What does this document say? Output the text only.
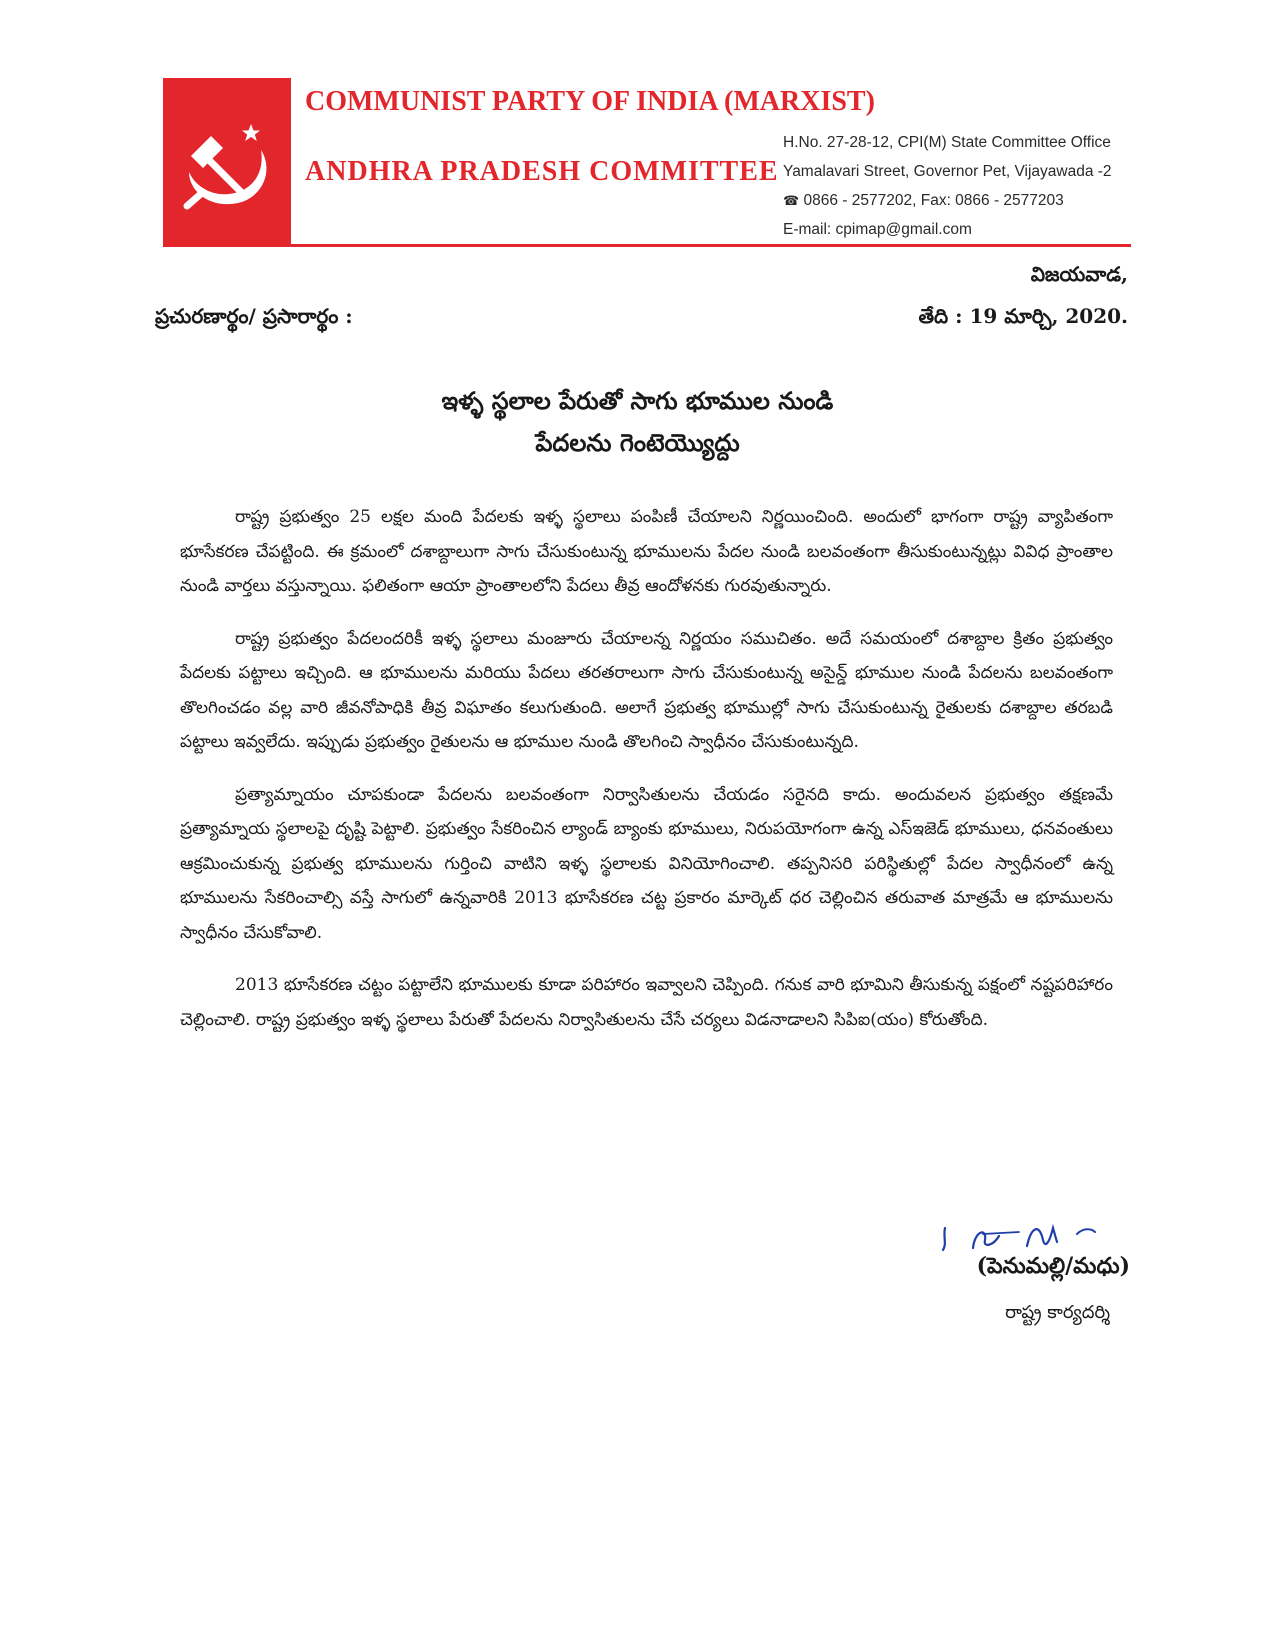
COMMUNIST PARTY OF INDIA (MARXIST)
ANDHRA PRADESH COMMITTEE
H.No. 27-28-12, CPI(M) State Committee Office
Yamalavari Street, Governor Pet, Vijayawada -2
☎ 0866 - 2577202, Fax: 0866 - 2577203
E-mail: cpimap@gmail.com
విజయవాడ,
ప్రచురణార్థం/ ప్రసారార్థం :	తేది : 19 మార్చి, 2020.
ఇళ్ళ స్థలాల పేరుతో సాగు భూముల నుండి
పేదలను గెంటెయ్యొద్దు

రాష్ట్ర ప్రభుత్వం 25 లక్షల మంది పేదలకు ఇళ్ళ స్థలాలు పంపిణీ చేయాలని నిర్ణయించింది. అందులో భాగంగా రాష్ట్ర వ్యాపితంగా భూసేకరణ చేపట్టింది. ఈ క్రమంలో దశాబ్దాలుగా సాగు చేసుకుంటున్న భూములను పేదల నుండి బలవంతంగా తీసుకుంటున్నట్లు వివిధ ప్రాంతాల నుండి వార్తలు వస్తున్నాయి. ఫలితంగా ఆయా ప్రాంతాలలోని పేదలు తీవ్ర ఆందోళనకు గురవుతున్నారు.

రాష్ట్ర ప్రభుత్వం పేదలందరికీ ఇళ్ళ స్థలాలు మంజూరు చేయాలన్న నిర్ణయం సముచితం. అదే సమయంలో దశాబ్దాల క్రితం ప్రభుత్వం పేదలకు పట్టాలు ఇచ్చింది. ఆ భూములను మరియు పేదలు తరతరాలుగా సాగు చేసుకుంటున్న అసైన్డ్ భూముల నుండి పేదలను బలవంతంగా తొలగించడం వల్ల వారి జీవనోపాధికి తీవ్ర విఘాతం కలుగుతుంది. అలాగే ప్రభుత్వ భూముల్లో సాగు చేసుకుంటున్న రైతులకు దశాబ్దాల తరబడి పట్టాలు ఇవ్వలేదు. ఇప్పుడు ప్రభుత్వం రైతులను ఆ భూముల నుండి తొలగించి స్వాధీనం చేసుకుంటున్నది.

ప్రత్యామ్నాయం చూపకుండా పేదలను బలవంతంగా నిర్వాసితులను చేయడం సరైనది కాదు. అందువలన ప్రభుత్వం తక్షణమే ప్రత్యామ్నాయ స్థలాలపై దృష్టి పెట్టాలి. ప్రభుత్వం సేకరించిన ల్యాండ్ బ్యాంకు భూములు, నిరుపయోగంగా ఉన్న ఎస్ఇజెడ్ భూములు, ధనవంతులు ఆక్రమించుకున్న ప్రభుత్వ భూములను గుర్తించి వాటిని ఇళ్ళ స్థలాలకు వినియోగించాలి. తప్పనిసరి పరిస్థితుల్లో పేదల స్వాధీనంలో ఉన్న భూములను సేకరించాల్సి వస్తే సాగులో ఉన్నవారికి 2013 భూసేకరణ చట్ట ప్రకారం మార్కెట్ ధర చెల్లించిన తరువాత మాత్రమే ఆ భూములను స్వాధీనం చేసుకోవాలి.

2013 భూసేకరణ చట్టం పట్టాలేని భూములకు కూడా పరిహారం ఇవ్వాలని చెప్పింది. గనుక వారి భూమిని తీసుకున్న పక్షంలో నష్టపరిహారం చెల్లించాలి. రాష్ట్ర ప్రభుత్వం ఇళ్ళ స్థలాలు పేరుతో పేదలను నిర్వాసితులను చేసే చర్యలు విడనాడాలని సిపిఐ(యం) కోరుతోంది.

(పెనుమల్లి/మధు)
రాష్ట్ర కార్యదర్శి
